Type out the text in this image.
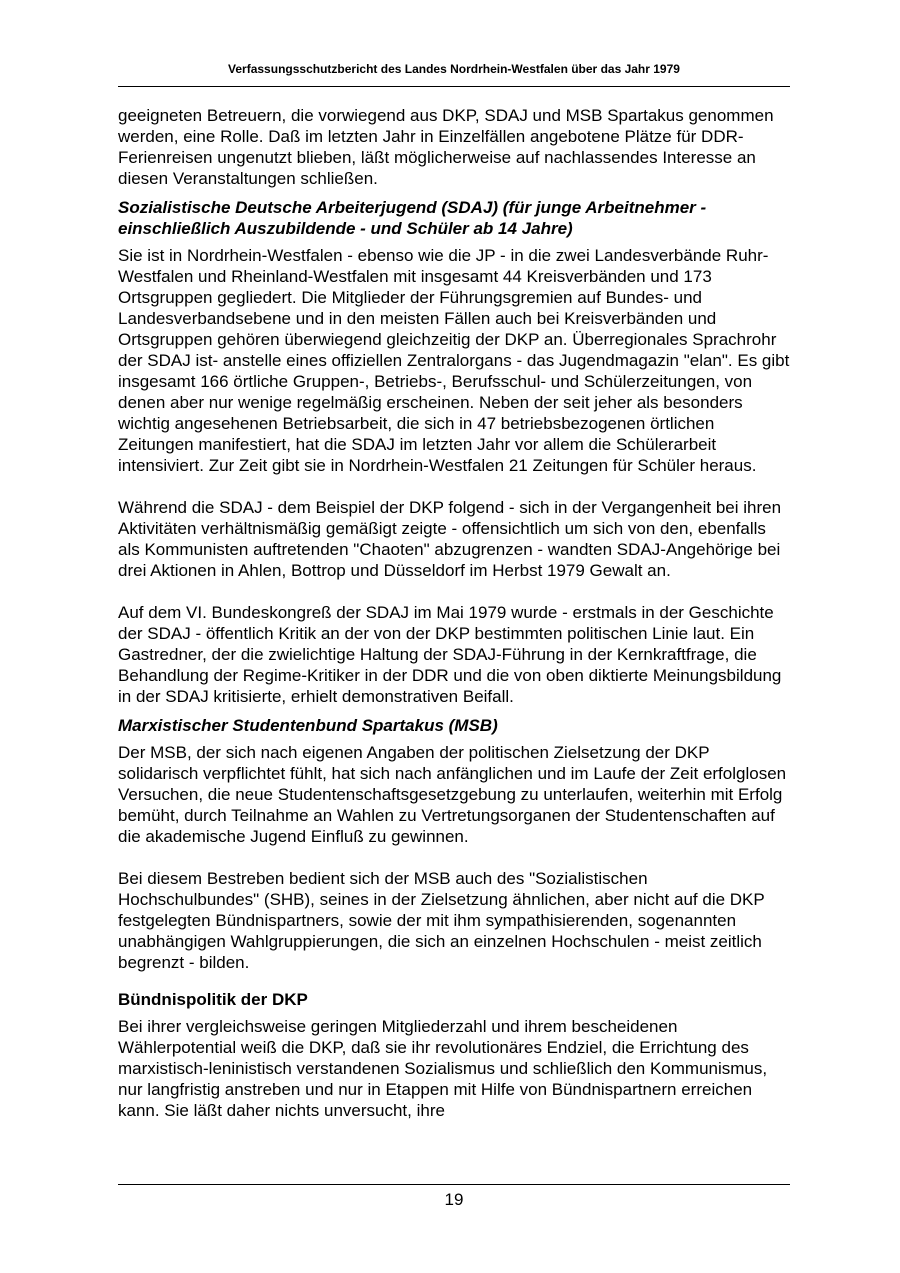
Verfassungsschutzbericht des Landes Nordrhein-Westfalen über das Jahr 1979

geeigneten Betreuern, die vorwiegend aus DKP, SDAJ und MSB Spartakus genommen werden, eine Rolle. Daß im letzten Jahr in Einzelfällen angebotene Plätze für DDR-Ferienreisen ungenutzt blieben, läßt möglicherweise auf nachlassendes Interesse an diesen Veranstaltungen schließen.

Sozialistische Deutsche Arbeiterjugend (SDAJ) (für junge Arbeitnehmer - einschließlich Auszubildende - und Schüler ab 14 Jahre)

Sie ist in Nordrhein-Westfalen - ebenso wie die JP - in die zwei Landesverbände Ruhr-Westfalen und Rheinland-Westfalen mit insgesamt 44 Kreisverbänden und 173 Ortsgruppen gegliedert. Die Mitglieder der Führungsgremien auf Bundes- und Landesverbandsebene und in den meisten Fällen auch bei Kreisverbänden und Ortsgruppen gehören überwiegend gleichzeitig der DKP an. Überregionales Sprachrohr der SDAJ ist- anstelle eines offiziellen Zentralorgans - das Jugendmagazin "elan". Es gibt insgesamt 166 örtliche Gruppen-, Betriebs-, Berufsschul- und Schülerzeitungen, von denen aber nur wenige regelmäßig erscheinen. Neben der seit jeher als besonders wichtig angesehenen Betriebsarbeit, die sich in 47 betriebsbezogenen örtlichen Zeitungen manifestiert, hat die SDAJ im letzten Jahr vor allem die Schülerarbeit intensiviert. Zur Zeit gibt sie in Nordrhein-Westfalen 21 Zeitungen für Schüler heraus.

Während die SDAJ - dem Beispiel der DKP folgend - sich in der Vergangenheit bei ihren Aktivitäten verhältnismäßig gemäßigt zeigte - offensichtlich um sich von den, ebenfalls als Kommunisten auftretenden "Chaoten" abzugrenzen - wandten SDAJ-Angehörige bei drei Aktionen in Ahlen, Bottrop und Düsseldorf im Herbst 1979 Gewalt an.

Auf dem VI. Bundeskongreß der SDAJ im Mai 1979 wurde - erstmals in der Geschichte der SDAJ - öffentlich Kritik an der von der DKP bestimmten politischen Linie laut. Ein Gastredner, der die zwielichtige Haltung der SDAJ-Führung in der Kernkraftfrage, die Behandlung der Regime-Kritiker in der DDR und die von oben diktierte Meinungsbildung in der SDAJ kritisierte, erhielt demonstrativen Beifall.

Marxistischer Studentenbund Spartakus (MSB)

Der MSB, der sich nach eigenen Angaben der politischen Zielsetzung der DKP solidarisch verpflichtet fühlt, hat sich nach anfänglichen und im Laufe der Zeit erfolglosen Versuchen, die neue Studentenschaftsgesetzgebung zu unterlaufen, weiterhin mit Erfolg bemüht, durch Teilnahme an Wahlen zu Vertretungsorganen der Studentenschaften auf die akademische Jugend Einfluß zu gewinnen.

Bei diesem Bestreben bedient sich der MSB auch des "Sozialistischen Hochschulbundes" (SHB), seines in der Zielsetzung ähnlichen, aber nicht auf die DKP festgelegten Bündnispartners, sowie der mit ihm sympathisierenden, sogenannten unabhängigen Wahlgruppierungen, die sich an einzelnen Hochschulen - meist zeitlich begrenzt - bilden.

Bündnispolitik der DKP

Bei ihrer vergleichsweise geringen Mitgliederzahl und ihrem bescheidenen Wählerpotential weiß die DKP, daß sie ihr revolutionäres Endziel, die Errichtung des marxistisch-leninistisch verstandenen Sozialismus und schließlich den Kommunismus, nur langfristig anstreben und nur in Etappen mit Hilfe von Bündnispartnern erreichen kann. Sie läßt daher nichts unversucht, ihre

19
